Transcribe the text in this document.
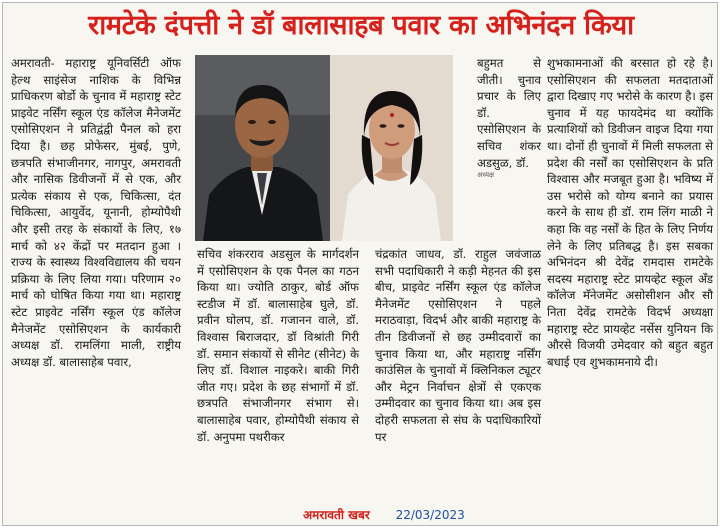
रामटेके दंपत्ती ने डॉ बालासाहब पवार का अभिनंदन किया
अमरावती- महाराष्ट्र यूनिवर्सिटी ऑफ हेल्थ साइंसेज नाशिक के विभिन्न प्राधिकरण बोर्डो के चुनाव में महाराष्ट्र स्टेट प्राइवेट नर्सिंग स्कूल एंड कॉलेज मैनेजमेंट एसोसिएशन ने प्रतिद्वंद्वी पैनल को हरा दिया है। छह प्रोफेसर, मुंबई, पुणे, छत्रपति संभाजीनगर, नागपुर, अमरावती और नासिक डिवीजनों में से एक, और प्रत्येक संकाय से एक, चिकित्सा, दंत चिकित्सा, आयुर्वेद, यूनानी, होम्योपैथी और इसी तरह के संकायों के लिए, १७ मार्च को ४२ केंद्रों पर मतदान हुआ । राज्य के स्वास्थ्य विश्वविद्यालय की चयन प्रक्रिया के लिए लिया गया। परिणाम २० मार्च को घोषित किया गया था। महाराष्ट्र स्टेट प्राइवेट नर्सिंग स्कूल एंड कॉलेज मैनेजमेंट एसोसिएशन के कार्यकारी अध्यक्ष डॉ. रामलिंगा माली, राष्ट्रीय अध्यक्ष डॉ. बालासाहेब पवार,
सचिव शंकरराव अडसुल के मार्गदर्शन में एसोसिएशन के एक पैनल का गठन किया था। ज्योति ठाकुर, बोर्ड ऑफ स्टडीज में डॉ. बालासाहेब घुले, डॉ. प्रवीन घोलप, डॉ. गजानन वाले, डॉ. विश्वास बिराजदार, डॉ विश्रांती गिरी डॉ. समान संकायों से सीनेट (सीनेट) के लिए डॉ. विशाल नाइकरे। बाकी गिरी जीत गए। प्रदेश के छह संभागों में डॉ. छत्रपति संभाजीनगर संभाग से। बालासाहेब पवार, होम्योपैथी संकाय से डॉ. अनुपमा पथरीकर
बहुमत से जीती। चुनाव प्रचार के लिए डॉ. एसोसिएशन के सचिव शंकर अडसुळ, डॉ.
अध्यक्ष
चंद्रकांत जाधव, डॉ. राहुल जवंजाळ सभी पदाधिकारी ने कड़ी मेहनत की इस बीच, प्राइवेट नर्सिंग स्कूल एंड कॉलेज मैनेजमेंट एसोसिएशन ने पहले मराठवाड़ा, विदर्भ और बाकी महाराष्ट्र के तीन डिवीजनों से छह उम्मीदवारों का चुनाव किया था, और महाराष्ट्र नर्सिंग काउंसिल के चुनावों में क्लिनिकल ट्यूटर और मेट्रन निर्वाचन क्षेत्रों से एकएक उम्मीदवार का चुनाव किया था। अब इस दोहरी सफलता से संघ के पदाधिकारियों पर
शुभकामनाओं की बरसात हो रहे है। एसोसिएशन की सफलता मतदाताओं द्वारा दिखाए गए भरोसे के कारण है। इस चुनाव में यह फायदेमंद था क्योंकि प्रत्याशियों को डिवीजन वाइज दिया गया था। दोनों ही चुनावों में मिली सफलता से प्रदेश की नर्सों का एसोसिएशन के प्रति विश्वास और मजबूत हुआ है। भविष्य में उस भरोसे को योग्य बनाने का प्रयास करने के साथ ही डॉ. राम लिंग माळी ने कहा कि वह नर्सों के हित के लिए निर्णय लेने के लिए प्रतिबद्ध है। इस सबका अभिनंदन श्री देवेंद्र रामदास रामटेके सदस्य महाराष्ट्र स्टेट प्रायव्हेट स्कूल अँड कॉलेज मॅनेजमेंट असोसीशन और सौ निता देवेंद्र रामटेके विदर्भ अध्यक्षा महाराष्ट्र स्टेट प्रायव्हेट नर्सेस युनियन कि औरसे विजयी उमेदवार को बहुत बहुत बधाई एव शुभकामनाये दी।
अमरावती खबर 22/03/2023
